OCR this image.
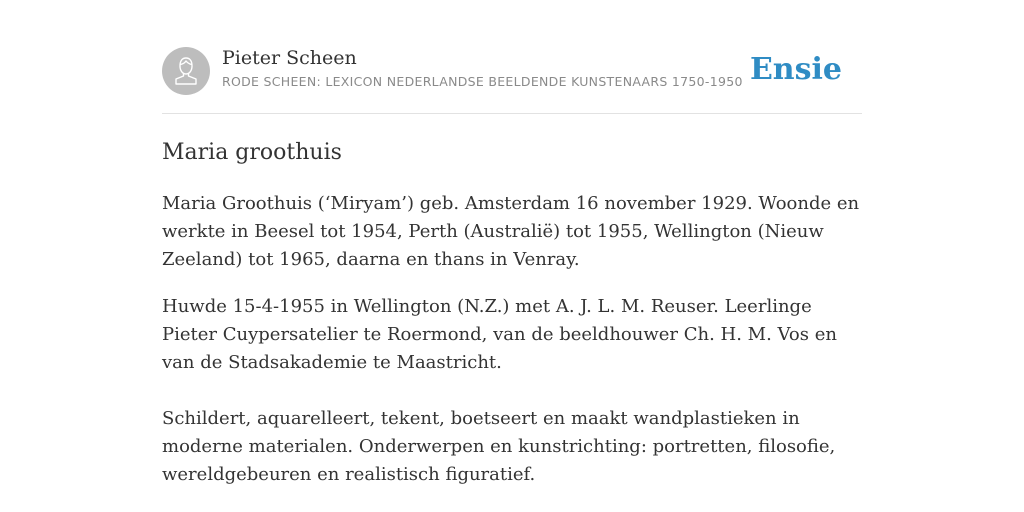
Pieter Scheen
RODE SCHEEN: LEXICON NEDERLANDSE BEELDENDE KUNSTENAARS 1750-1950 Ensie
Maria groothuis

Maria Groothuis (‘Miryam’) geb. Amsterdam 16 november 1929. Woonde en werkte in Beesel tot 1954, Perth (Australië) tot 1955, Wellington (Nieuw Zeeland) tot 1965, daarna en thans in Venray.

Huwde 15-4-1955 in Wellington (N.Z.) met A. J. L. M. Reuser. Leerlinge Pieter Cuypersatelier te Roermond, van de beeldhouwer Ch. H. M. Vos en van de Stadsakademie te Maastricht.

Schildert, aquarelleert, tekent, boetseert en maakt wandplastieken in moderne materialen. Onderwerpen en kunstrichting: portretten, filosofie, wereldgebeuren en realistisch figuratief.
